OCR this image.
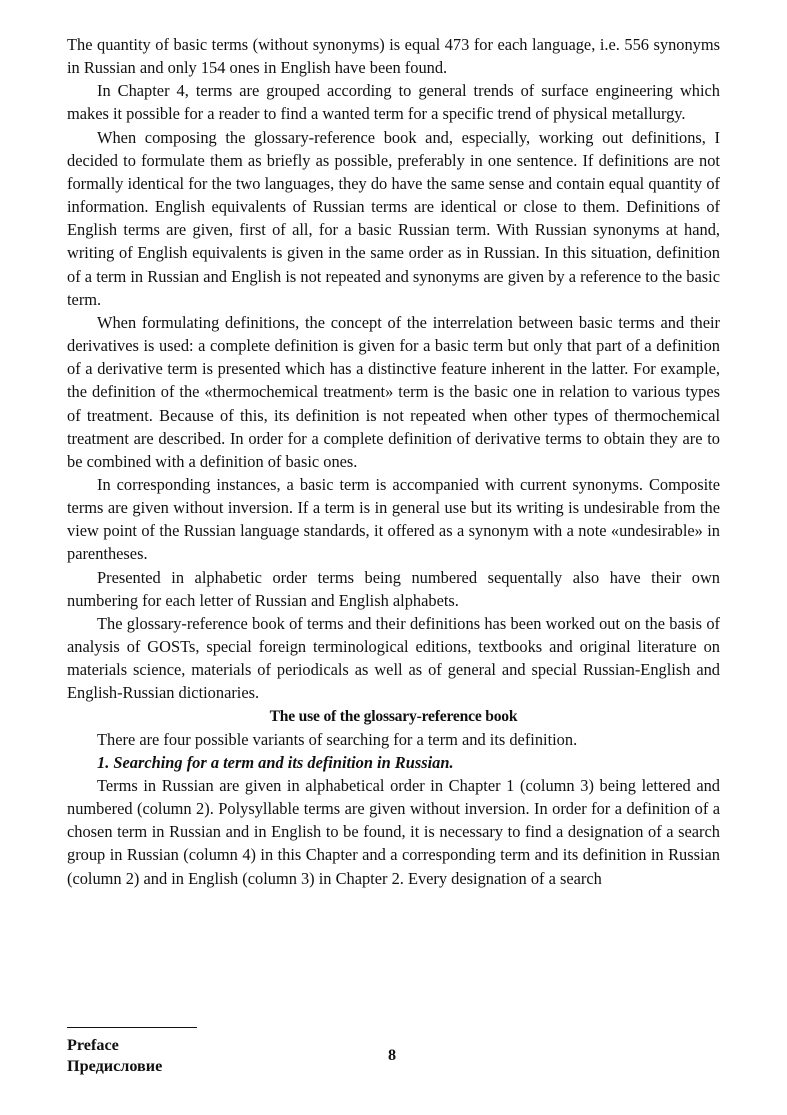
The quantity of basic terms (without synonyms) is equal 473 for each language, i.e. 556 synonyms in Russian and only 154 ones in English have been found.

In Chapter 4, terms are grouped according to general trends of surface engineering which makes it possible for a reader to find a wanted term for a specific trend of physical metallurgy.

When composing the glossary-reference book and, especially, working out definitions, I decided to formulate them as briefly as possible, preferably in one sentence. If definitions are not formally identical for the two languages, they do have the same sense and contain equal quantity of information. English equivalents of Russian terms are identical or close to them. Definitions of English terms are given, first of all, for a basic Russian term. With Russian synonyms at hand, writing of English equivalents is given in the same order as in Russian. In this situation, definition of a term in Russian and English is not repeated and synonyms are given by a reference to the basic term.

When formulating definitions, the concept of the interrelation between basic terms and their derivatives is used: a complete definition is given for a basic term but only that part of a definition of a derivative term is presented which has a distinctive feature inherent in the latter. For example, the definition of the «thermochemical treatment» term is the basic one in relation to various types of treatment. Because of this, its definition is not repeated when other types of thermochemical treatment are described. In order for a complete definition of derivative terms to obtain they are to be combined with a definition of basic ones.

In corresponding instances, a basic term is accompanied with current synonyms. Composite terms are given without inversion. If a term is in general use but its writing is undesirable from the view point of the Russian language standards, it offered as a synonym with a note «undesirable» in parentheses.

Presented in alphabetic order terms being numbered sequentally also have their own numbering for each letter of Russian and English alphabets.

The glossary-reference book of terms and their definitions has been worked out on the basis of analysis of GOSTs, special foreign terminological editions, textbooks and original literature on materials science, materials of periodicals as well as of general and special Russian-English and English-Russian dictionaries.

The use of the glossary-reference book

There are four possible variants of searching for a term and its definition.

1. Searching for a term and its definition in Russian.

Terms in Russian are given in alphabetical order in Chapter 1 (column 3) being lettered and numbered (column 2). Polysyllable terms are given without inversion. In order for a definition of a chosen term in Russian and in English to be found, it is necessary to find a designation of a search group in Russian (column 4) in this Chapter and a corresponding term and its definition in Russian (column 2) and in English (column 3) in Chapter 2. Every designation of a search

Preface
Предисловие
8
